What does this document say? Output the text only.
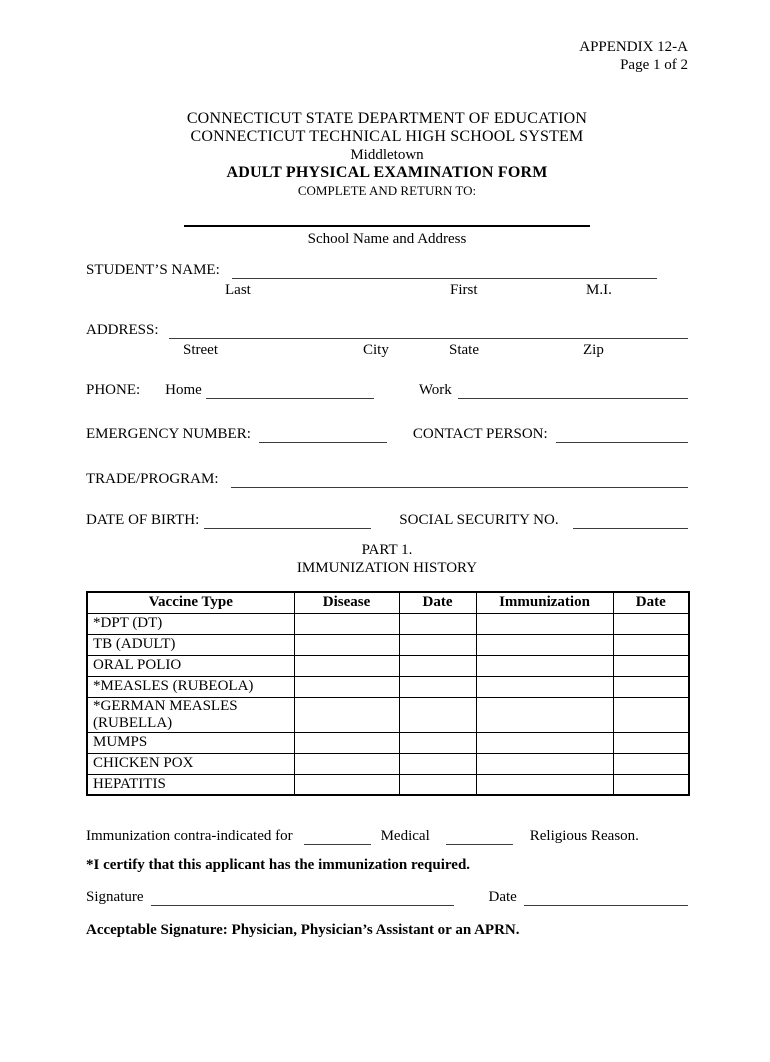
APPENDIX 12-A
Page 1 of 2
CONNECTICUT STATE DEPARTMENT OF EDUCATION
CONNECTICUT TECHNICAL HIGH SCHOOL SYSTEM
Middletown
ADULT PHYSICAL EXAMINATION FORM
COMPLETE AND RETURN TO:
School Name and Address
STUDENT’S NAME:
Last	First	M.I.
ADDRESS:
Street	City	State	Zip
PHONE: Home	Work
EMERGENCY NUMBER:	CONTACT PERSON:
TRADE/PROGRAM:
DATE OF BIRTH:	SOCIAL SECURITY NO.
PART 1.
IMMUNIZATION HISTORY
Vaccine Type	Disease	Date	Immunization	Date
*DPT (DT)				
TB (ADULT)				
ORAL POLIO				
*MEASLES (RUBEOLA)				
*GERMAN MEASLES (RUBELLA)				
MUMPS				
CHICKEN POX				
HEPATITIS				
Immunization contra-indicated for	Medical	Religious Reason.
*I certify that this applicant has the immunization required.
Signature	Date
Acceptable Signature: Physician, Physician’s Assistant or an APRN.
